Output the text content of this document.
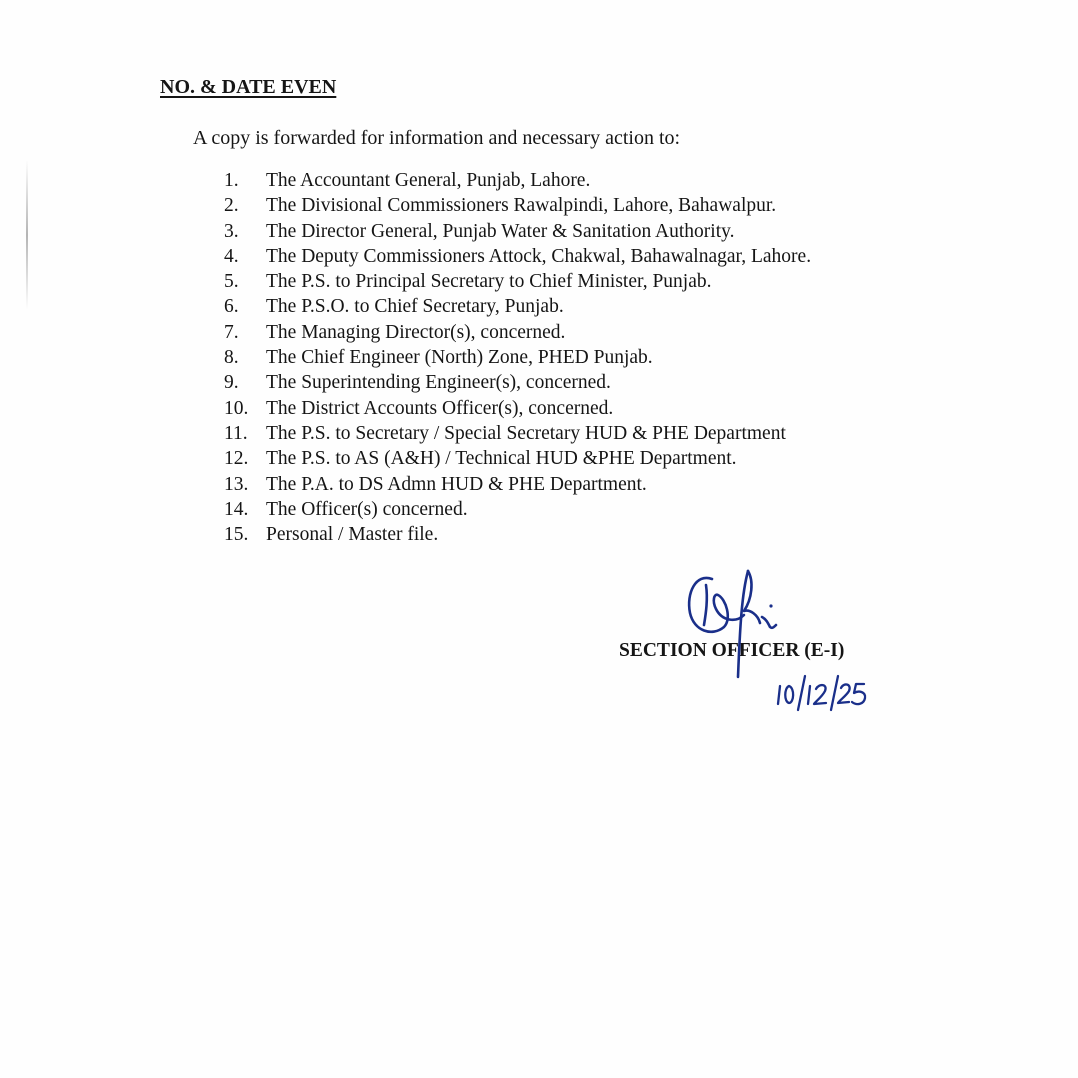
NO. & DATE EVEN
A copy is forwarded for information and necessary action to:
1.	The Accountant General, Punjab, Lahore.
2.	The Divisional Commissioners Rawalpindi, Lahore, Bahawalpur.
3.	The Director General, Punjab Water & Sanitation Authority.
4.	The Deputy Commissioners Attock, Chakwal, Bahawalnagar, Lahore.
5.	The P.S. to Principal Secretary to Chief Minister, Punjab.
6.	The P.S.O. to Chief Secretary, Punjab.
7.	The Managing Director(s), concerned.
8.	The Chief Engineer (North) Zone, PHED Punjab.
9.	The Superintending Engineer(s), concerned.
10. The District Accounts Officer(s), concerned.
11. The P.S. to Secretary / Special Secretary HUD & PHE Department
12. The P.S. to AS (A&H) / Technical HUD &PHE Department.
13. The P.A. to DS Admn HUD & PHE Department.
14. The Officer(s) concerned.
15. Personal / Master file.
SECTION OFFICER (E-I)
